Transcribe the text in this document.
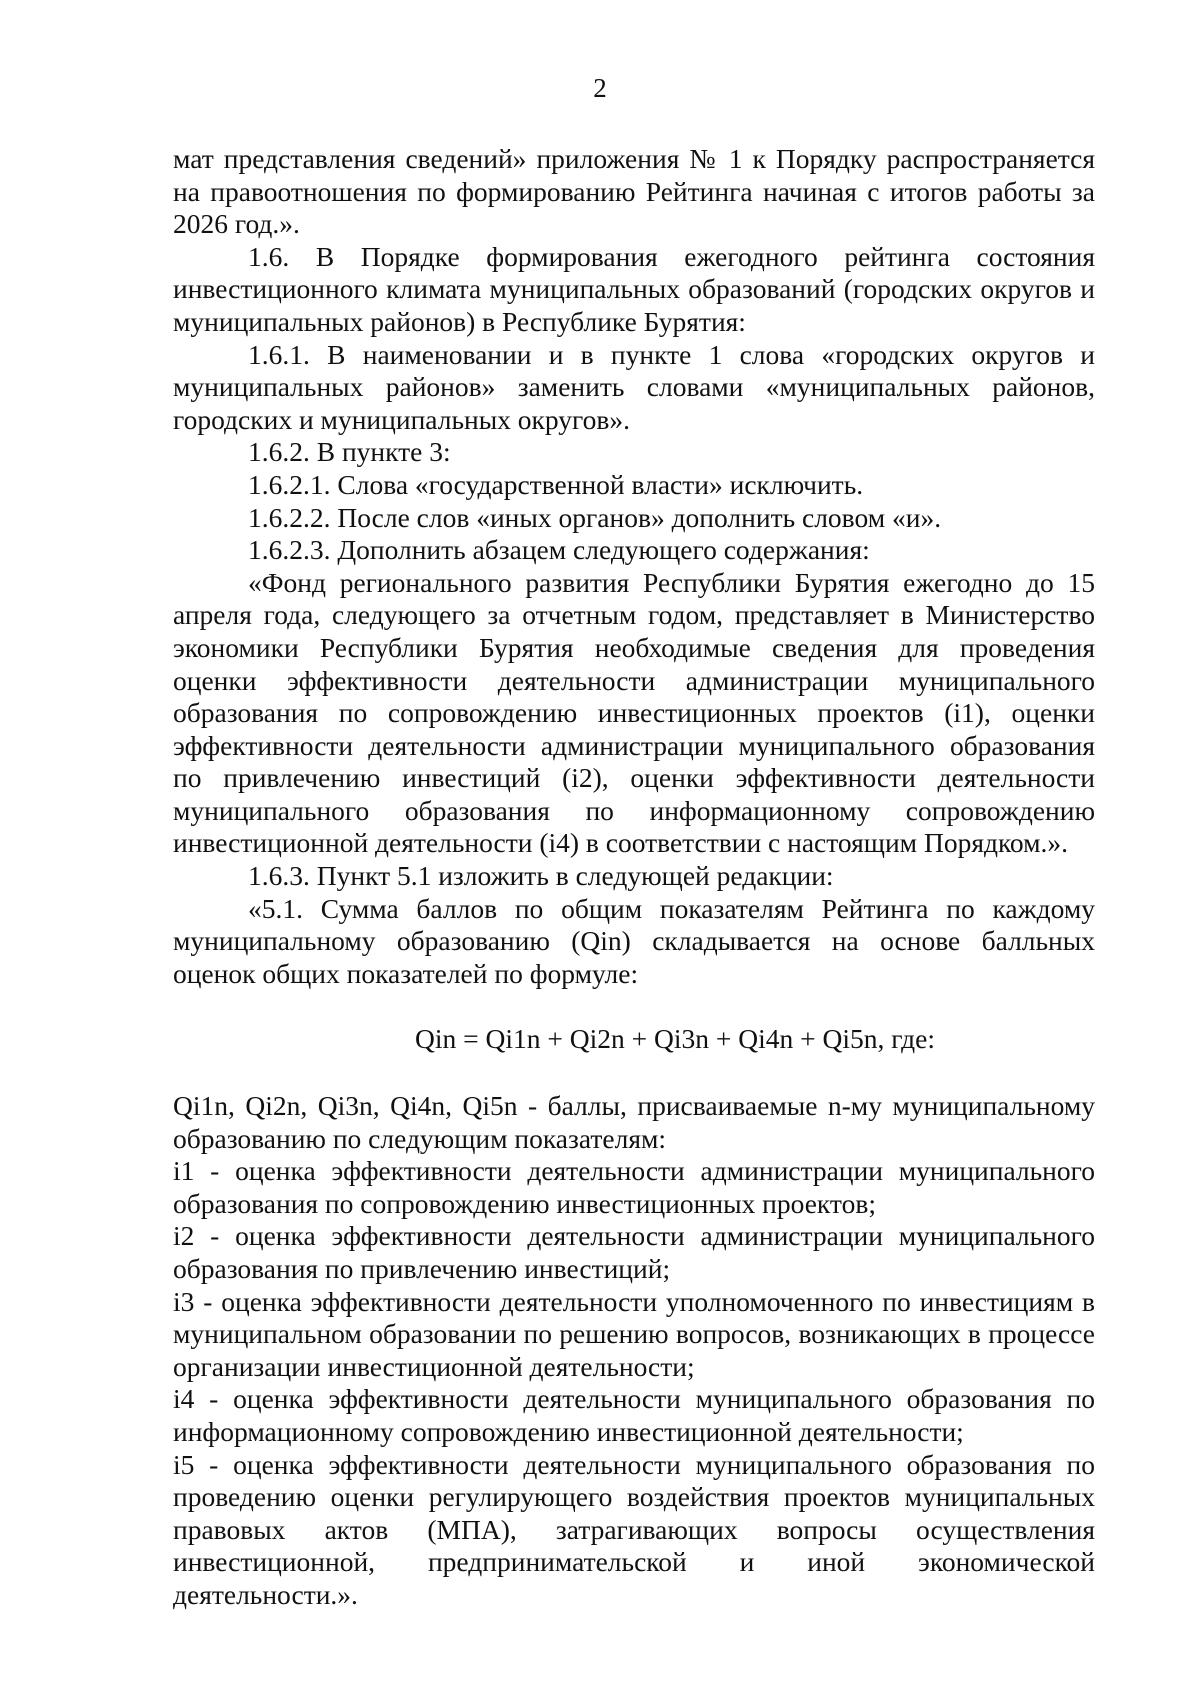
2

мат представления сведений» приложения № 1 к Порядку распространяется на правоотношения по формированию Рейтинга начиная с итогов работы за 2026 год.».

1.6. В Порядке формирования ежегодного рейтинга состояния инвестиционного климата муниципальных образований (городских округов и муниципальных районов) в Республике Бурятия:

1.6.1. В наименовании и в пункте 1 слова «городских округов и муниципальных районов» заменить словами «муниципальных районов, городских и муниципальных округов».

1.6.2. В пункте 3:

1.6.2.1. Слова «государственной власти» исключить.

1.6.2.2. После слов «иных органов» дополнить словом «и».

1.6.2.3. Дополнить абзацем следующего содержания:

«Фонд регионального развития Республики Бурятия ежегодно до 15 апреля года, следующего за отчетным годом, представляет в Министерство экономики Республики Бурятия необходимые сведения для проведения оценки эффективности деятельности администрации муниципального образования по сопровождению инвестиционных проектов (i1), оценки эффективности деятельности администрации муниципального образования по привлечению инвестиций (i2), оценки эффективности деятельности муниципального образования по информационному сопровождению инвестиционной деятельности (i4) в соответствии с настоящим Порядком.».

1.6.3. Пункт 5.1 изложить в следующей редакции:

«5.1. Сумма баллов по общим показателям Рейтинга по каждому муниципальному образованию (Qin) складывается на основе балльных оценок общих показателей по формуле:

Qin = Qi1n + Qi2n + Qi3n + Qi4n + Qi5n, где:

Qi1n, Qi2n, Qi3n, Qi4n, Qi5n - баллы, присваиваемые n-му муниципальному образованию по следующим показателям:

i1 - оценка эффективности деятельности администрации муниципального образования по сопровождению инвестиционных проектов;

i2 - оценка эффективности деятельности администрации муниципального образования по привлечению инвестиций;

i3 - оценка эффективности деятельности уполномоченного по инвестициям в муниципальном образовании по решению вопросов, возникающих в процессе организации инвестиционной деятельности;

i4 - оценка эффективности деятельности муниципального образования по информационному сопровождению инвестиционной деятельности;

i5 - оценка эффективности деятельности муниципального образования по проведению оценки регулирующего воздействия проектов муниципальных правовых актов (МПА), затрагивающих вопросы осуществления инвестиционной, предпринимательской и иной экономической деятельности.».
